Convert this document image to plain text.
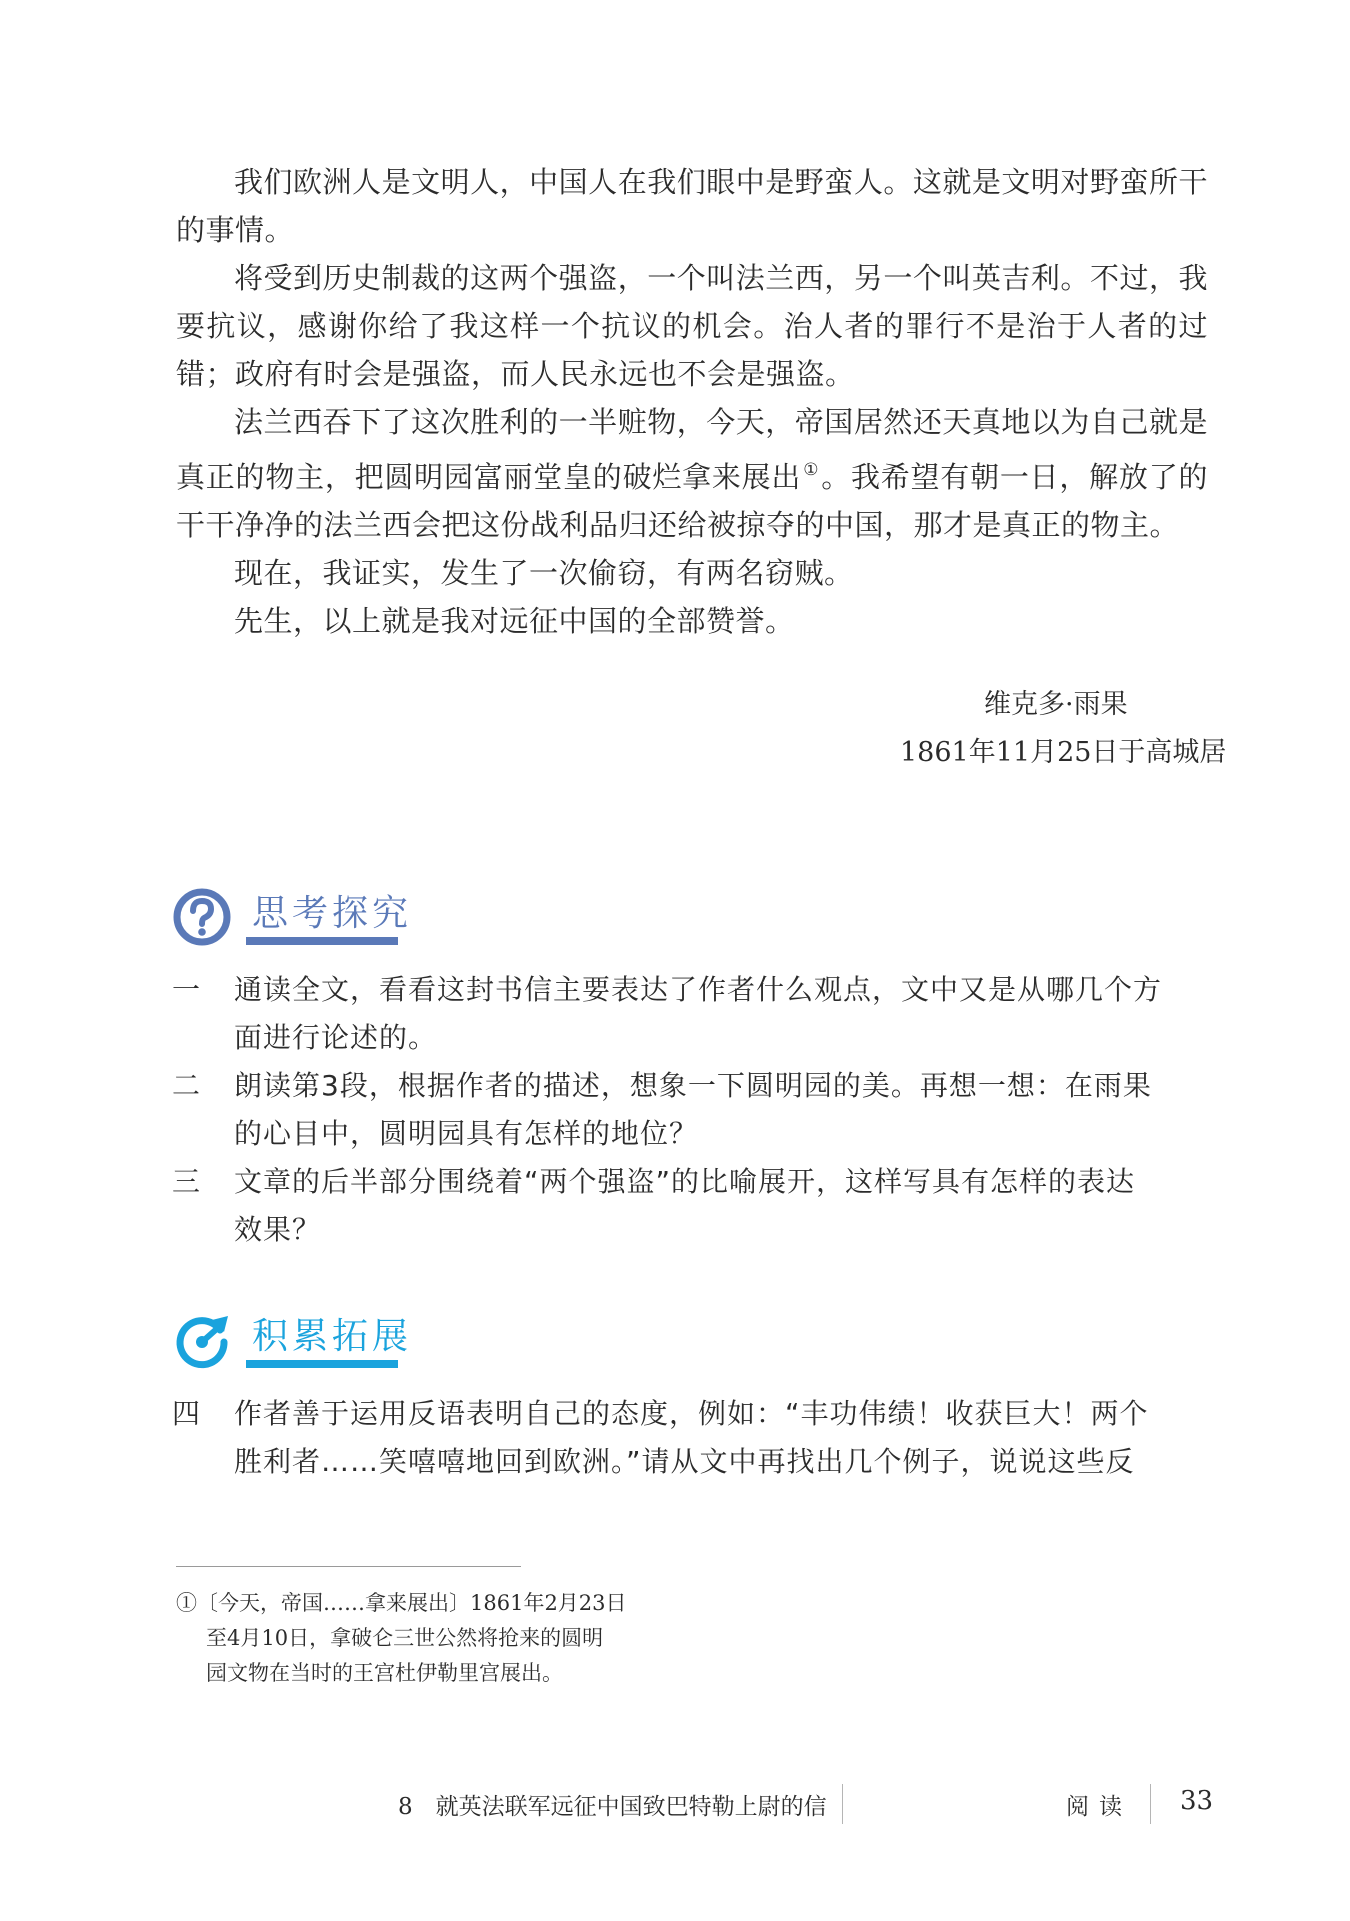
我们欧洲人是文明人，中国人在我们眼中是野蛮人。这就是文明对野蛮所干的事情。

将受到历史制裁的这两个强盗，一个叫法兰西，另一个叫英吉利。不过，我要抗议，感谢你给了我这样一个抗议的机会。治人者的罪行不是治于人者的过错；政府有时会是强盗，而人民永远也不会是强盗。

法兰西吞下了这次胜利的一半赃物，今天，帝国居然还天真地以为自己就是真正的物主，把圆明园富丽堂皇的破烂拿来展出 ①。我希望有朝一日，解放了的干干净净的法兰西会把这份战利品归还给被掠夺的中国，那才是真正的物主。

现在，我证实，发生了一次偷窃，有两名窃贼。

先生，以上就是我对远征中国的全部赞誉。

维克多·雨果
1861年11月25日于高城居
思考探究
一 通读全文，看看这封书信主要表达了作者什么观点，文中又是从哪几个方
面进行论述的。
二 朗读第3段，根据作者的描述，想象一下圆明园的美。再想一想：在雨果
的心目中，圆明园具有怎样的地位？
三 文章的后半部分围绕着“两个强盗”的比喻展开，这样写具有怎样的表达
效果？
积累拓展
四 作者善于运用反语表明自己的态度，例如：“丰功伟绩！收获巨大！两个
胜利者……笑嘻嘻地回到欧洲。”请从文中再找出几个例子，说说这些反
①〔今天，帝国……拿来展出〕1861年2月23日
至4月10日，拿破仑三世公然将抢来的圆明
园文物在当时的王宫杜伊勒里宫展出。
8　就英法联军远征中国致巴特勒上尉的信	阅读 33
